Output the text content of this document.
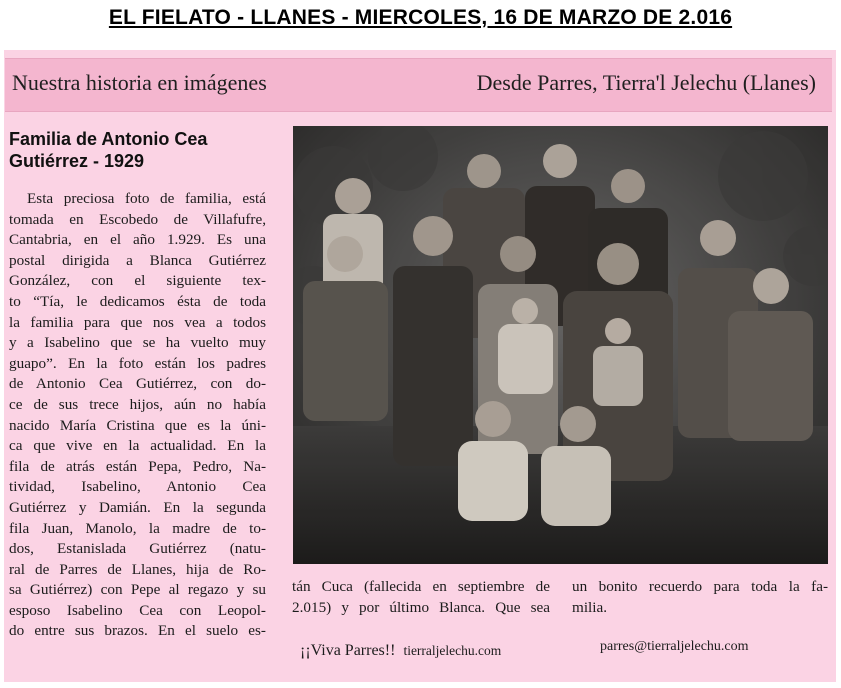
EL FIELATO - LLANES - MIERCOLES, 16 DE MARZO DE 2.016
Nuestra historia en imágenes	Desde Parres, Tierra'l Jelechu (Llanes)
Familia de Antonio Cea
Gutiérrez - 1929
Esta preciosa foto de familia, está
tomada en Escobedo de Villafufre,
Cantabria, en el año 1.929. Es una
postal dirigida a Blanca Gutiérrez
González, con el siguiente tex-
to “Tía, le dedicamos ésta de toda
la familia para que nos vea a todos
y a Isabelino que se ha vuelto muy
guapo”. En la foto están los padres
de Antonio Cea Gutiérrez, con do-
ce de sus trece hijos, aún no había
nacido María Cristina que es la úni-
ca que vive en la actualidad. En la
fila de atrás están Pepa, Pedro, Na-
tividad, Isabelino, Antonio Cea
Gutiérrez y Damián. En la segunda
fila Juan, Manolo, la madre de to-
dos, Estanislada Gutiérrez (natu-
ral de Parres de Llanes, hija de Ro-
sa Gutiérrez) con Pepe al regazo y su
esposo Isabelino Cea con Leopol-
do entre sus brazos. En el suelo es-
tán Cuca (fallecida en septiembre de
2.015) y por último Blanca. Que sea
un bonito recuerdo para toda la fa-
milia.
¡¡Viva Parres!! tierraljelechu.com	parres@tierraljelechu.com
